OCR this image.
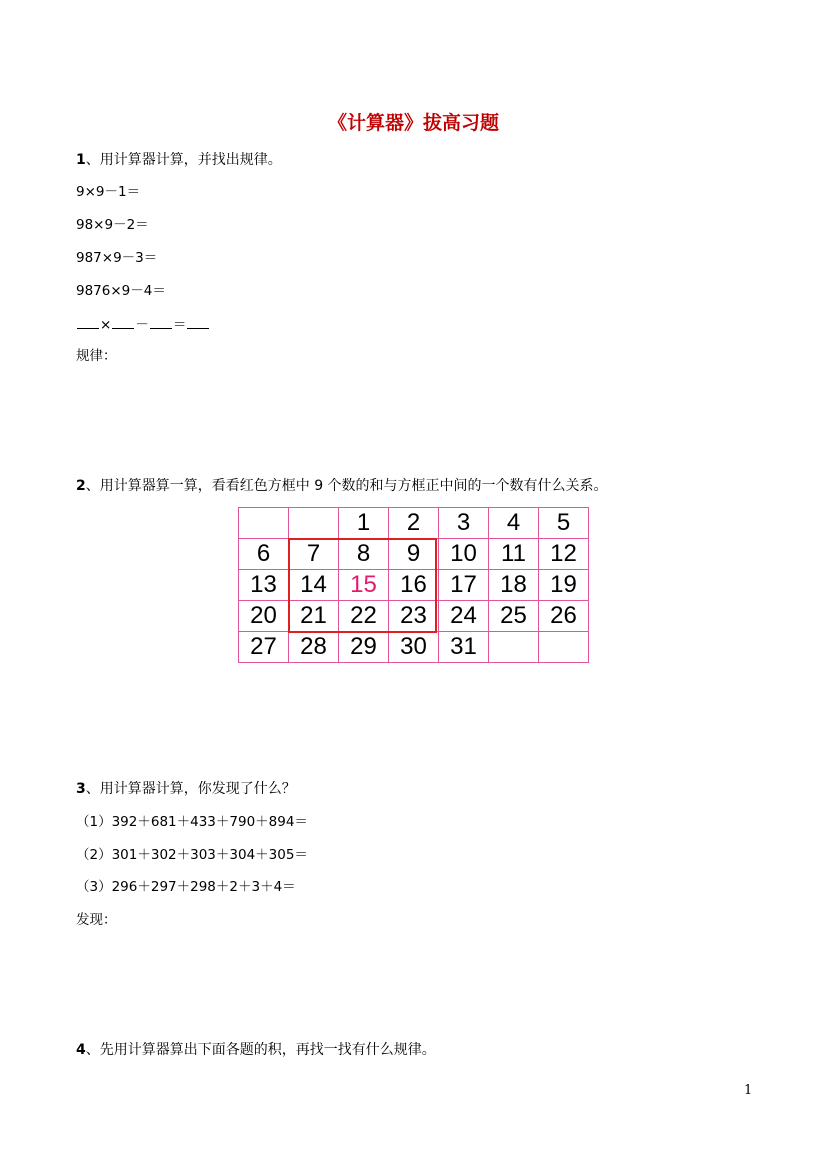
《计算器》拔高习题
1、用计算器计算，并找出规律。
9×9－1＝
98×9－2＝
987×9－3＝
9876×9－4＝
× － ＝
规律：
2、用计算器算一算，看看红色方框中 9 个数的和与方框正中间的一个数有什么关系。
		1	2	3	4	5
6	7	8	9	10	11	12
13	14	15	16	17	18	19
20	21	22	23	24	25	26
27	28	29	30	31		
3、用计算器计算，你发现了什么？
（1）392＋681＋433＋790＋894＝
（2）301＋302＋303＋304＋305＝
（3）296＋297＋298＋2＋3＋4＝
发现：
4、先用计算器算出下面各题的积，再找一找有什么规律。
1
